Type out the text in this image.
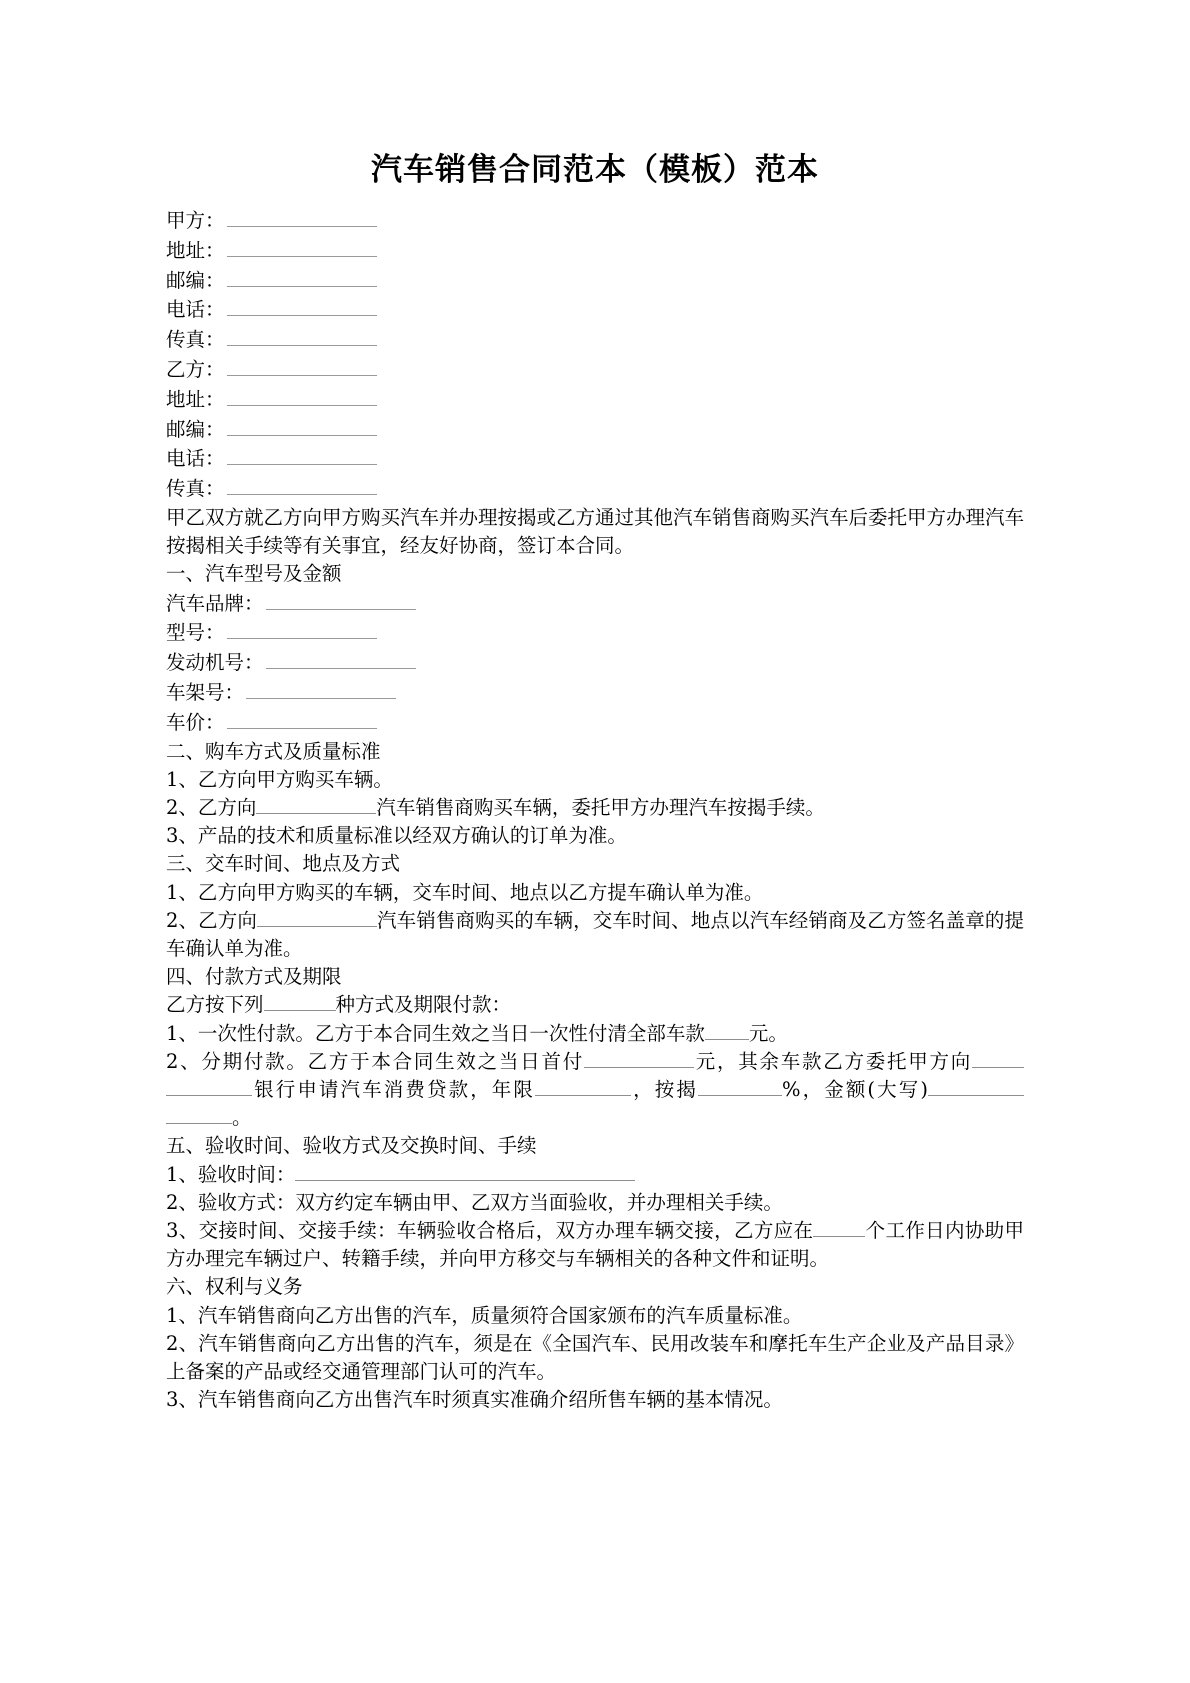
汽车销售合同范本（模板）范本
甲方：
地址：
邮编：
电话：
传真：
乙方：
地址：
邮编：
电话：
传真：

甲乙双方就乙方向甲方购买汽车并办理按揭或乙方通过其他汽车销售商购买汽车后委托甲方办理汽车按揭相关手续等有关事宜，经友好协商，签订本合同。

一、汽车型号及金额

汽车品牌：
型号：
发动机号：
车架号：
车价：

二、购车方式及质量标准

1、乙方向甲方购买车辆。

2、乙方向	汽车销售商购买车辆，委托甲方办理汽车按揭手续。

3、产品的技术和质量标准以经双方确认的订单为准。

三、交车时间、地点及方式

1、乙方向甲方购买的车辆，交车时间、地点以乙方提车确认单为准。

2、乙方向	汽车销售商购买的车辆，交车时间、地点以汽车经销商及乙方签名盖章的提车确认单为准。

四、付款方式及期限

乙方按下列	种方式及期限付款：

1、一次性付款。乙方于本合同生效之当日一次性付清全部车款 元。

2、分期付款。乙方于本合同生效之当日首付	元，其余车款乙方委托甲方向银行申请汽车消费贷款，年限	，按揭	%，金额(大写)。

五、验收时间、验收方式及交换时间、手续

1、验收时间：

2、验收方式：双方约定车辆由甲、乙双方当面验收，并办理相关手续。

3、交接时间、交接手续：车辆验收合格后，双方办理车辆交接，乙方应在	个工作日内协助甲方办理完车辆过户、转籍手续，并向甲方移交与车辆相关的各种文件和证明。

六、权利与义务

1、汽车销售商向乙方出售的汽车，质量须符合国家颁布的汽车质量标准。

2、汽车销售商向乙方出售的汽车，须是在《全国汽车、民用改装车和摩托车生产企业及产品目录》上备案的产品或经交通管理部门认可的汽车。

3、汽车销售商向乙方出售汽车时须真实准确介绍所售车辆的基本情况。
